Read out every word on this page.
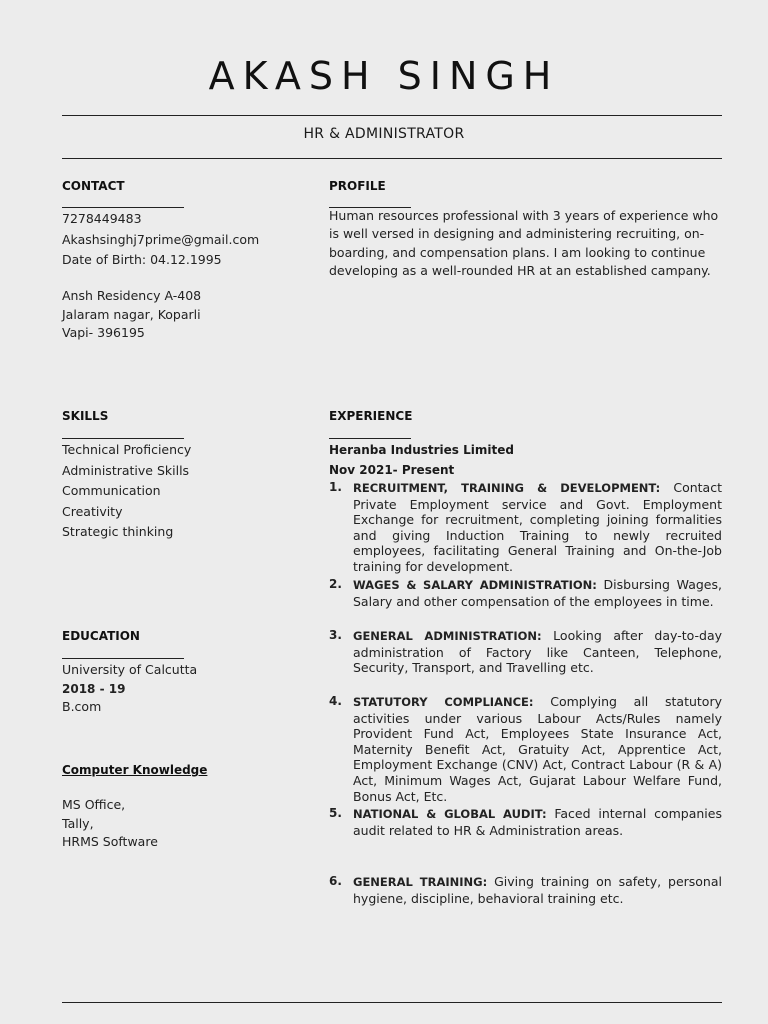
AKASH SINGH
HR & ADMINISTRATOR
CONTACT
7278449483
Akashsinghj7prime@gmail.com
Date of Birth: 04.12.1995
Ansh Residency A-408
Jalaram nagar, Koparli
Vapi- 396195
PROFILE
Human resources professional with 3 years of experience who is well versed in designing and administering recruiting, on-boarding, and compensation plans. I am looking to continue developing as a well-rounded HR at an established campany.
SKILLS
Technical Proficiency
Administrative Skills
Communication
Creativity
Strategic thinking
EDUCATION
University of Calcutta
2018 - 19
B.com
Computer Knowledge
MS Office,
Tally,
HRMS Software
EXPERIENCE
Heranba Industries Limited
Nov 2021- Present
1. RECRUITMENT, TRAINING & DEVELOPMENT: Contact Private Employment service and Govt. Employment Exchange for recruitment, completing joining formalities and giving Induction Training to newly recruited employees, facilitating General Training and On-the-Job training for development.
2. WAGES & SALARY ADMINISTRATION: Disbursing Wages, Salary and other compensation of the employees in time.
3. GENERAL ADMINISTRATION: Looking after day-to-day administration of Factory like Canteen, Telephone, Security, Transport, and Travelling etc.
4. STATUTORY COMPLIANCE: Complying all statutory activities under various Labour Acts/Rules namely Provident Fund Act, Employees State Insurance Act, Maternity Benefit Act, Gratuity Act, Apprentice Act, Employment Exchange (CNV) Act, Contract Labour (R & A) Act, Minimum Wages Act, Gujarat Labour Welfare Fund, Bonus Act, Etc.
5. NATIONAL & GLOBAL AUDIT: Faced internal companies audit related to HR & Administration areas.
6. GENERAL TRAINING: Giving training on safety, personal hygiene, discipline, behavioral training etc.
